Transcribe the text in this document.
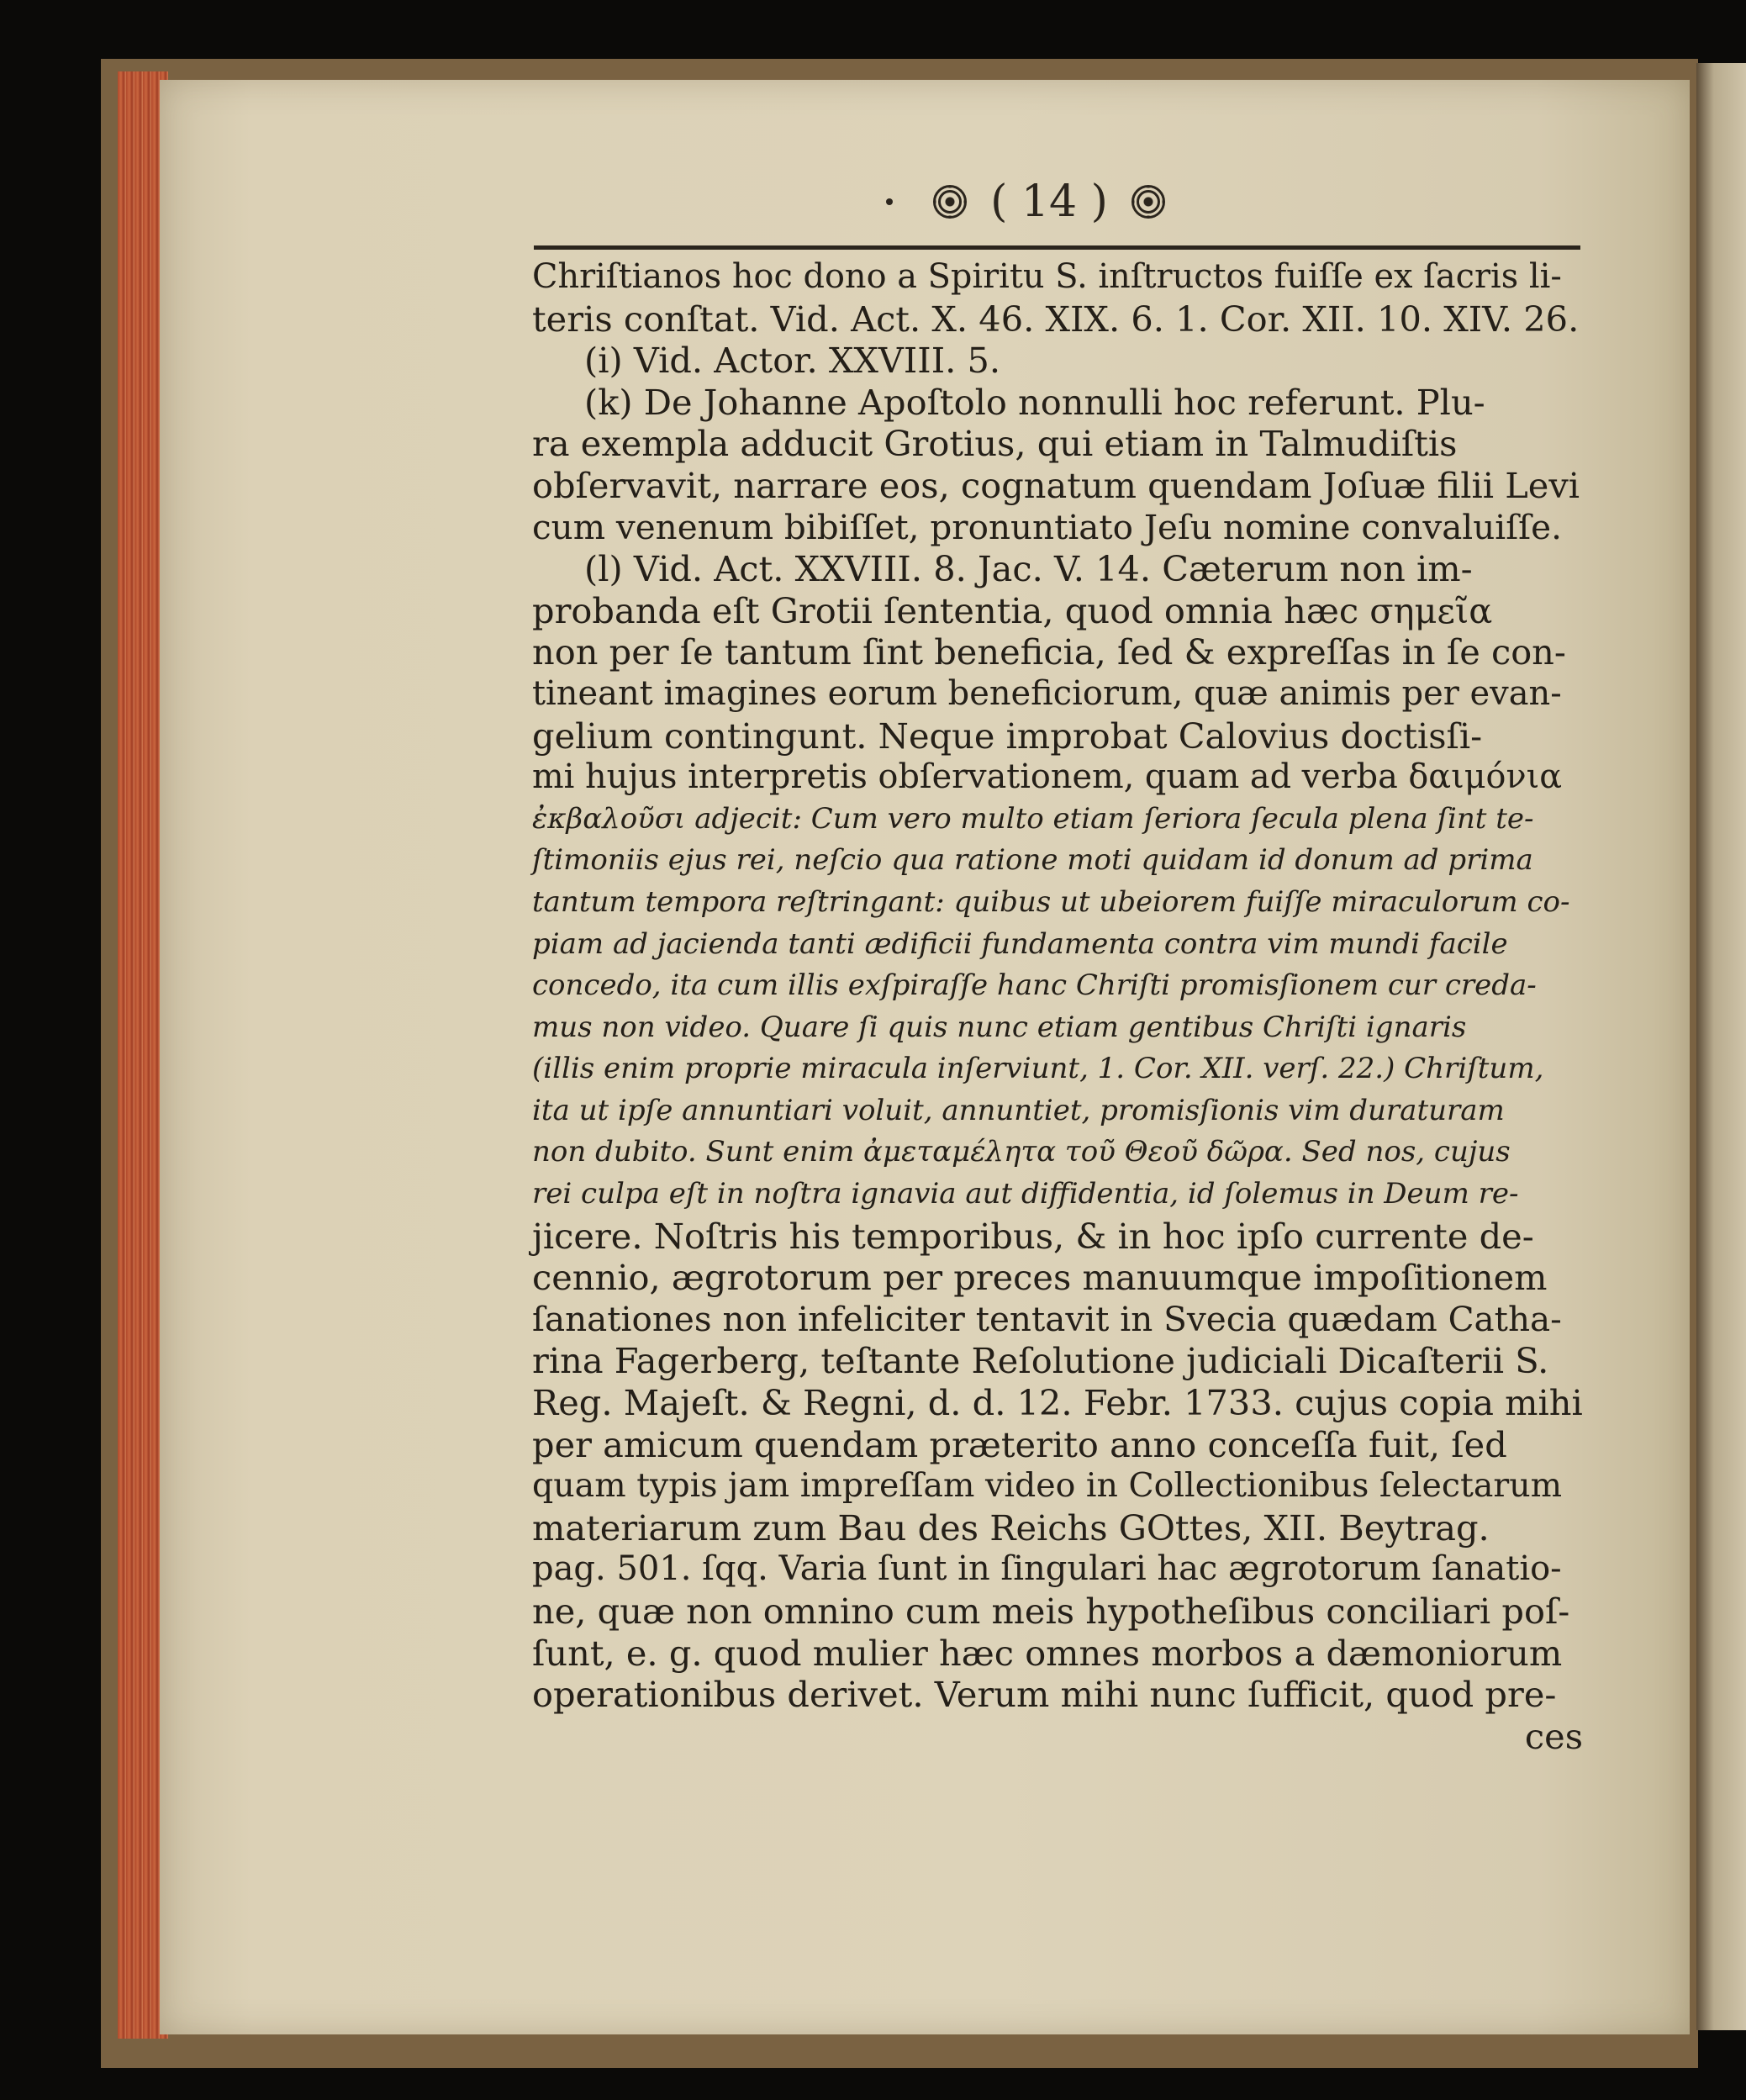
( 14 )
Chriſtianos hoc dono a Spiritu S. inſtructos fuiſſe ex ſacris li-
teris conſtat. Vid. Act. X. 46. XIX. 6. 1. Cor. XII. 10. XIV. 26.
(i) Vid. Actor. XXVIII. 5.
(k) De Johanne Apoſtolo nonnulli hoc referunt. Plu-
ra exempla adducit Grotius, qui etiam in Talmudiſtis
obſervavit, narrare eos, cognatum quendam Joſuæ filii Levi
cum venenum bibiſſet, pronuntiato Jeſu nomine convaluiſſe.
(l) Vid. Act. XXVIII. 8. Jac. V. 14. Cæterum non im-
probanda eſt Grotii ſententia, quod omnia hæc σημεῖα
non per ſe tantum ſint beneficia, ſed & expreſſas in ſe con-
tineant imagines eorum beneficiorum, quæ animis per evan-
gelium contingunt. Neque improbat Calovius doctisſi-
mi hujus interpretis obſervationem, quam ad verba δαιμόνια
ἐκβαλοῦσι adjecit: Cum vero multo etiam ſeriora ſecula plena ſint te-
ſtimoniis ejus rei, neſcio qua ratione moti quidam id donum ad prima
tantum tempora reſtringant: quibus ut ubeiorem fuiſſe miraculorum co-
piam ad jacienda tanti ædificii fundamenta contra vim mundi facile
concedo, ita cum illis exſpiraſſe hanc Chriſti promisſionem cur creda-
mus non video. Quare ſi quis nunc etiam gentibus Chriſti ignaris
(illis enim proprie miracula inſerviunt, 1. Cor. XII. verſ. 22.) Chriſtum,
ita ut ipſe annuntiari voluit, annuntiet, promisſionis vim duraturam
non dubito. Sunt enim ἀμεταμέλητα τοῦ Θεοῦ δῶρα. Sed nos, cujus
rei culpa eſt in noſtra ignavia aut diffidentia, id ſolemus in Deum re-
jicere. Noſtris his temporibus, & in hoc ipſo currente de-
cennio, ægrotorum per preces manuumque impoſitionem
ſanationes non infeliciter tentavit in Svecia quædam Catha-
rina Fagerberg, teſtante Reſolutione judiciali Dicaſterii S.
Reg. Majeſt. & Regni, d. d. 12. Febr. 1733. cujus copia mihi
per amicum quendam præterito anno conceſſa fuit, ſed
quam typis jam impreſſam video in Collectionibus ſelectarum
materiarum zum Bau des Reichs GOttes, XII. Beytrag.
pag. 501. ſqq. Varia ſunt in ſingulari hac ægrotorum ſanatio-
ne, quæ non omnino cum meis hypotheſibus conciliari poſ-
ſunt, e. g. quod mulier hæc omnes morbos a dæmoniorum
operationibus derivet. Verum mihi nunc ſufficit, quod pre-
ces
